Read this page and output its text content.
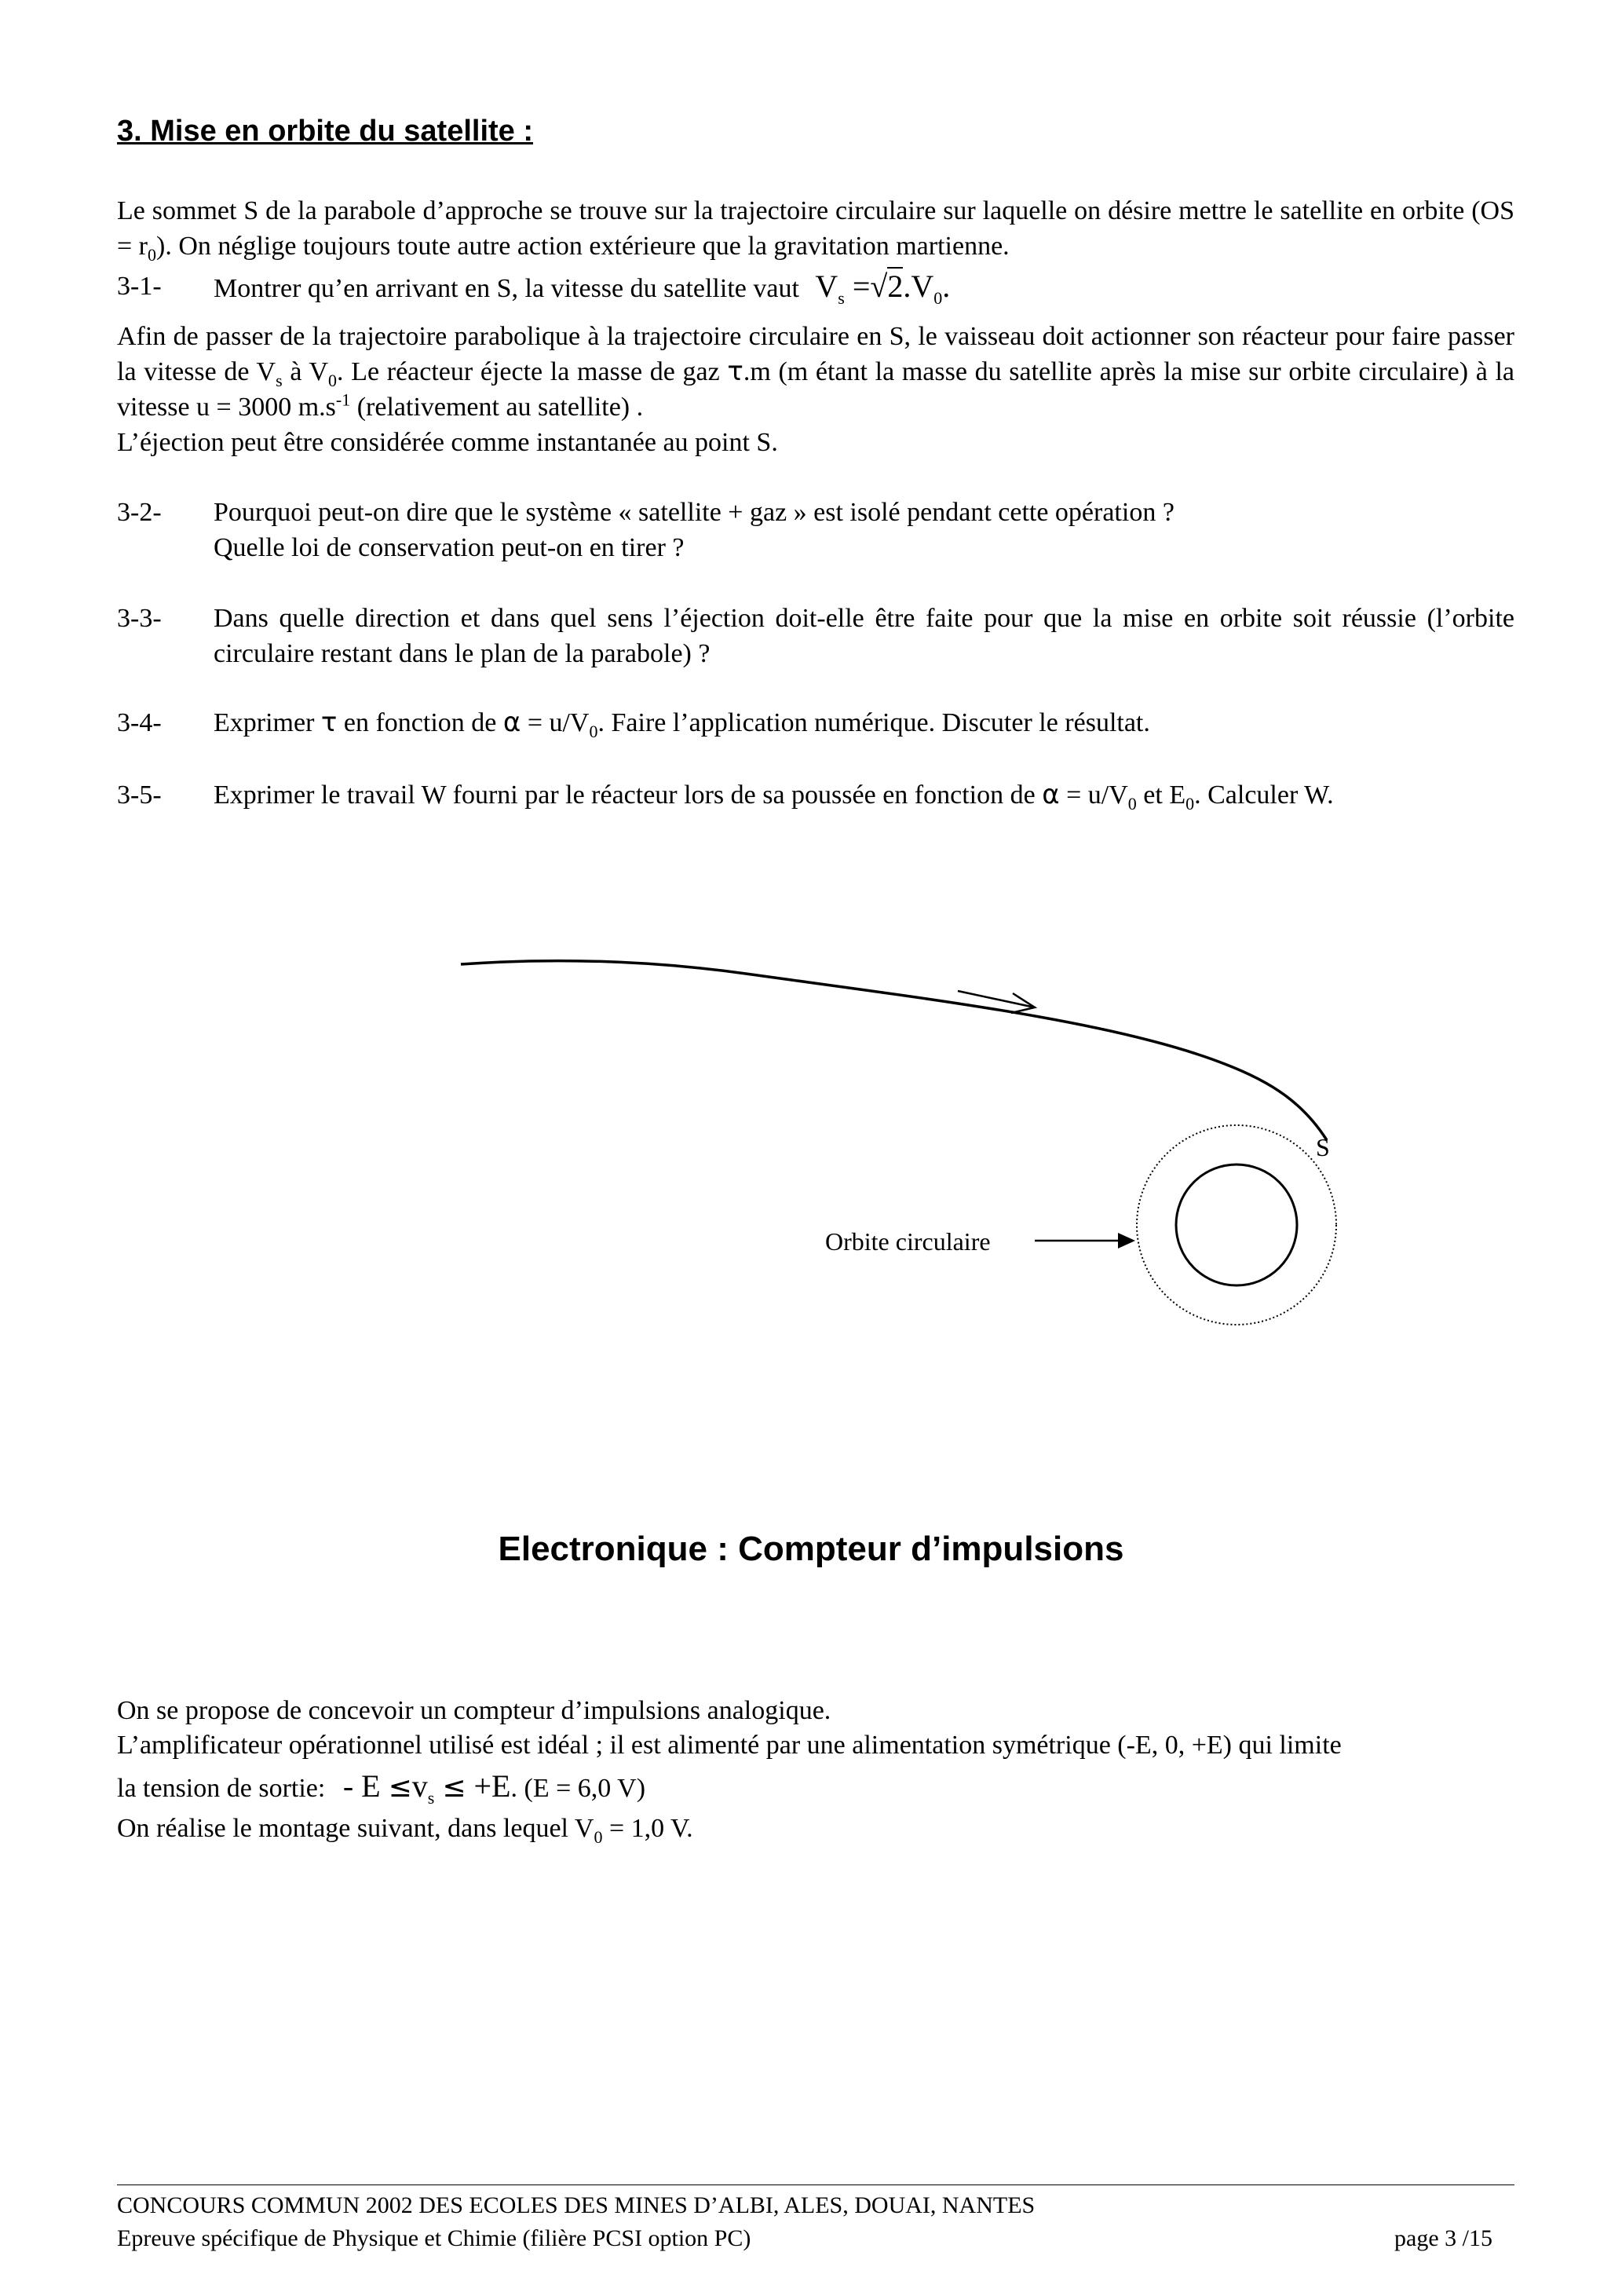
3. Mise en orbite du satellite :
Le sommet S de la parabole d’approche se trouve sur la trajectoire circulaire sur laquelle on désire mettre le satellite en orbite $(OS = r_0)$. On néglige toujours toute autre action extérieure que la gravitation martienne.
3-1- Montrer qu’en arrivant en S, la vitesse du satellite vaut $V_s =√2.V_0$.
Afin de passer de la trajectoire parabolique à la trajectoire circulaire en S, le vaisseau doit actionner son réacteur pour faire passer la vitesse de $V_s$ à $V_0$. Le réacteur éjecte la masse de gaz τ.m (m étant la masse du satellite après la mise sur orbite circulaire) à la vitesse u = 3000 $m.s^{-1}$ (relativement au satellite) .
L’éjection peut être considérée comme instantanée au point S.
3-2- Pourquoi peut-on dire que le système « satellite + gaz » est isolé pendant cette opération ?
Quelle loi de conservation peut-on en tirer ?
3-3- Dans quelle direction et dans quel sens l’éjection doit-elle être faite pour que la mise en orbite soit réussie (l’orbite circulaire restant dans le plan de la parabole) ?
3-4- Exprimer τ en fonction de $\alpha = u/V_0$. Faire l’application numérique. Discuter le résultat.
3-5- Exprimer le travail W fourni par le réacteur lors de sa poussée en fonction de $\alpha = u/V_0$ et $E_0$. Calculer W.
S
Orbite circulaire
Electronique : Compteur d’impulsions
On se propose de concevoir un compteur d’impulsions analogique.
L’amplificateur opérationnel utilisé est idéal ; il est alimenté par une alimentation symétrique (-E, 0, +E) qui limite
la tension de sortie: - $E \le v_s \le +E$. (E = 6,0 V)
On réalise le montage suivant, dans lequel $V_0 = 1,0$ V.
CONCOURS COMMUN 2002 DES ECOLES DES MINES D’ALBI, ALES, DOUAI, NANTES
Epreuve spécifique de Physique et Chimie (filière PCSI option PC)	page 3 /15
